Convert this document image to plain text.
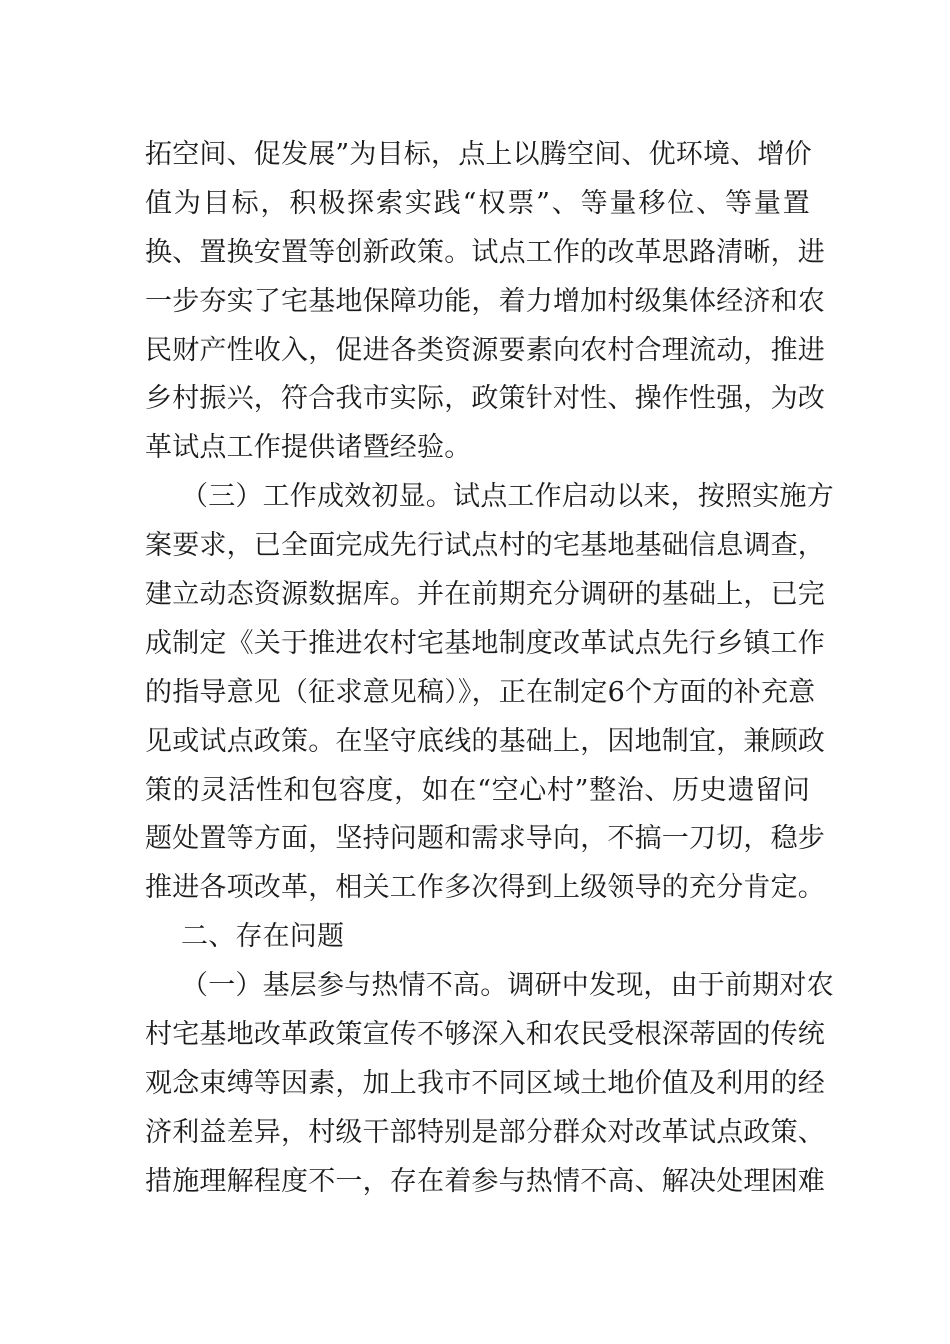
拓空间、促发展”为目标，点上以腾空间、优环境、增价
值为目标，积极探索实践“权票”、等量移位、等量置
换、置换安置等创新政策。试点工作的改革思路清晰，进
一步夯实了宅基地保障功能，着力增加村级集体经济和农
民财产性收入，促进各类资源要素向农村合理流动，推进
乡村振兴，符合我市实际，政策针对性、操作性强，为改
革试点工作提供诸暨经验。
（三）工作成效初显。试点工作启动以来，按照实施方
案要求，已全面完成先行试点村的宅基地基础信息调查，
建立动态资源数据库。并在前期充分调研的基础上，已完
成制定《关于推进农村宅基地制度改革试点先行乡镇工作
的指导意见（征求意见稿）》，正在制定6个方面的补充意
见或试点政策。在坚守底线的基础上，因地制宜，兼顾政
策的灵活性和包容度，如在“空心村”整治、历史遗留问
题处置等方面，坚持问题和需求导向，不搞一刀切，稳步
推进各项改革，相关工作多次得到上级领导的充分肯定。
二、存在问题
（一）基层参与热情不高。调研中发现，由于前期对农
村宅基地改革政策宣传不够深入和农民受根深蒂固的传统
观念束缚等因素，加上我市不同区域土地价值及利用的经
济利益差异，村级干部特别是部分群众对改革试点政策、
措施理解程度不一，存在着参与热情不高、解决处理困难
